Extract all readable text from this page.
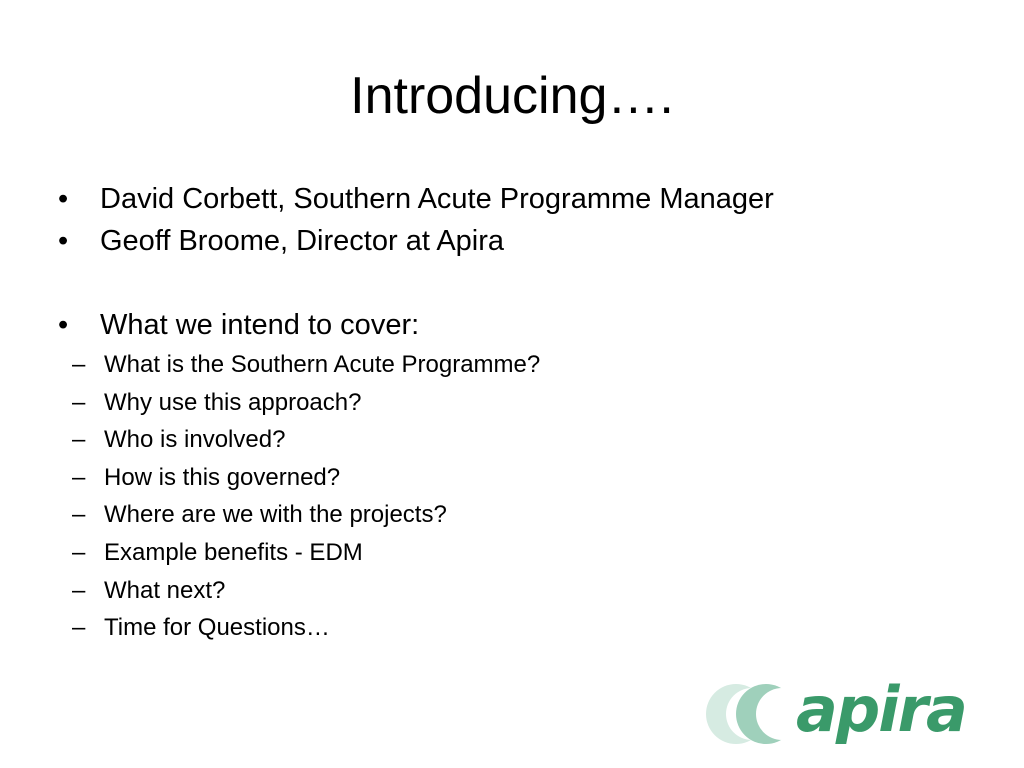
Introducing….
•	David Corbett, Southern Acute Programme Manager
•	Geoff Broome, Director at Apira
•	What we intend to cover:
– What is the Southern Acute Programme?
– Why use this approach?
– Who is involved?
– How is this governed?
– Where are we with the projects?
– Example benefits - EDM
– What next?
– Time for Questions…
apira
